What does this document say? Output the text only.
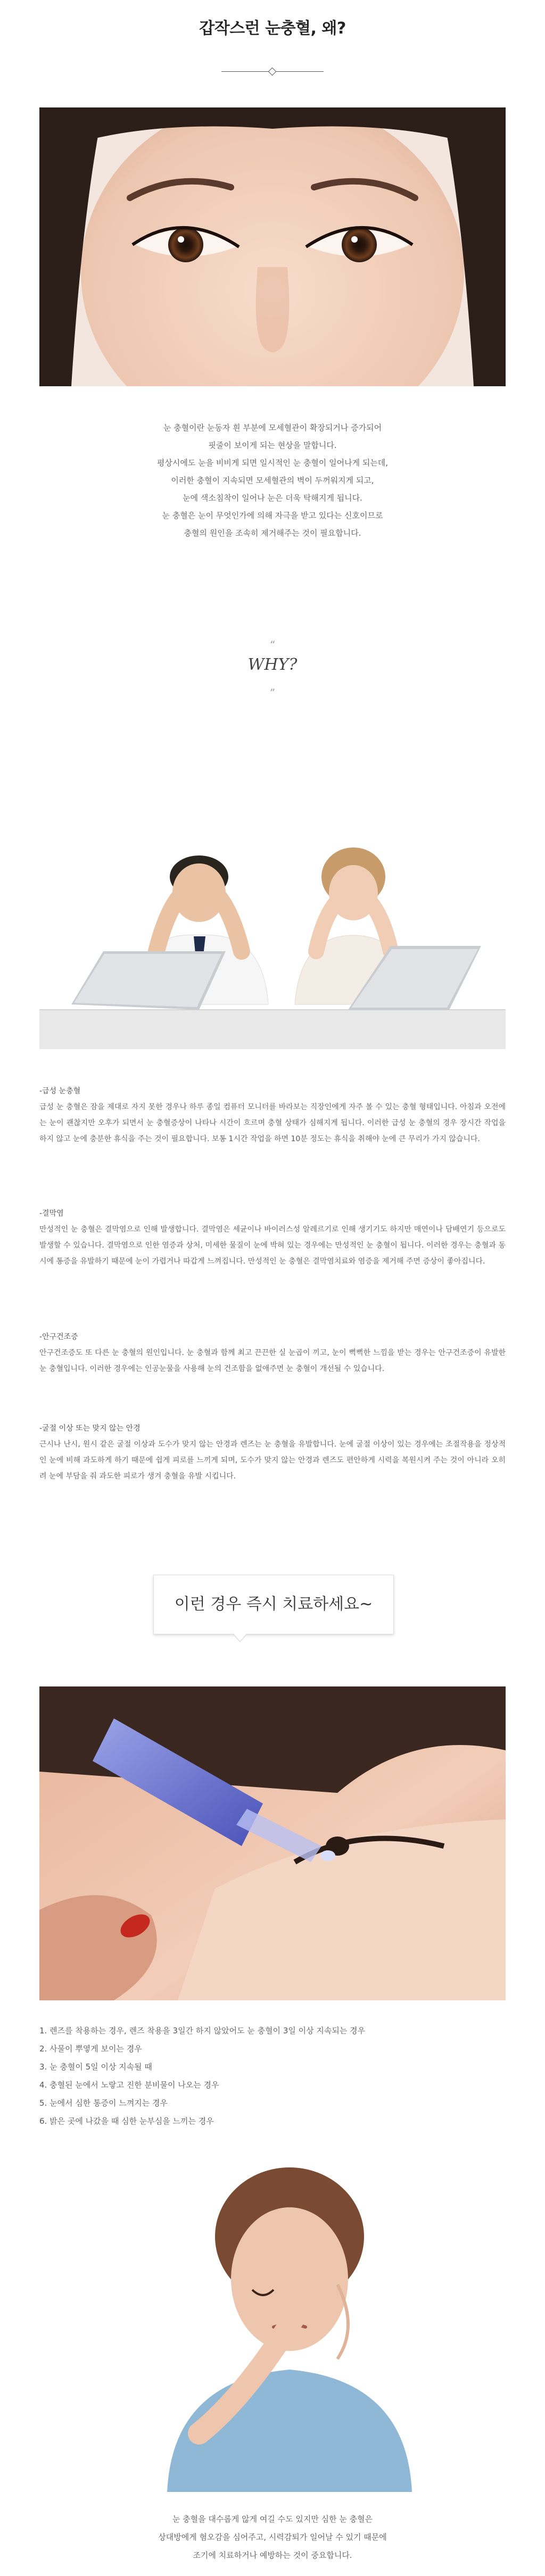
갑작스런 눈충혈, 왜?
눈 충혈이란 눈동자 흰 부분에 모세혈관이 확장되거나 증가되어
핏줄이 보이게 되는 현상을 말합니다.
평상시에도 눈을 비비게 되면 일시적인 눈 충혈이 일어나게 되는데,
이러한 충혈이 지속되면 모세혈관의 벽이 두꺼워지게 되고,
눈에 색소침착이 일어나 눈은 더욱 탁해지게 됩니다.
눈 충혈은 눈이 무엇인가에 의해 자극을 받고 있다는 신호이므로
충혈의 원인을 조속히 제거해주는 것이 필요합니다.
“
WHY?
”
-급성 눈충혈

급성 눈 충혈은 잠을 제대로 자지 못한 경우나 하루 종일 컴퓨터 모니터를 바라보는 직장인에게 자주 볼 수 있는 충혈 형태입니다. 아침과 오전에는 눈이 괜찮지만 오후가 되면서 눈 충혈증상이 나타나 시간이 흐르며 충혈 상태가 심해지게 됩니다. 이러한 급성 눈 충혈의 경우 장시간 작업을 하지 않고 눈에 충분한 휴식을 주는 것이 필요합니다. 보통 1시간 작업을 하면 10분 정도는 휴식을 취해야 눈에 큰 무리가 가지 않습니다.

-결막염

만성적인 눈 충혈은 결막염으로 인해 발생합니다. 결막염은 세균이나 바이러스성 알레르기로 인해 생기기도 하지만 매연이나 담배연기 등으로도 발생할 수 있습니다. 결막염으로 인한 염증과 상처, 미세한 물질이 눈에 박혀 있는 경우에는 만성적인 눈 충혈이 됩니다. 이러한 경우는 충혈과 동시에 통증을 유발하기 때문에 눈이 가렵거나 따갑게 느껴집니다. 만성적인 눈 충혈은 결막염치료와 염증을 제거해 주면 증상이 좋아집니다.

-안구건조증

안구건조증도 또 다른 눈 충혈의 원인입니다. 눈 충혈과 함께 최고 끈끈한 실 눈곱이 끼고, 눈이 뻑뻑한 느낌을 받는 경우는 안구건조증이 유발한 눈 충혈입니다. 이러한 경우에는 인공눈물을 사용해 눈의 건조함을 없애주면 눈 충혈이 개선될 수 있습니다.

-굴절 이상 또는 맞지 않는 안경

근시나 난시, 원시 같은 굴절 이상과 도수가 맞지 않는 안경과 렌즈는 눈 충혈을 유발합니다. 눈에 굴절 이상이 있는 경우에는 조절작용을 정상적인 눈에 비해 과도하게 하기 때문에 쉽게 피로를 느끼게 되며, 도수가 맞지 않는 안경과 렌즈도 편안하게 시력을 복원시켜 주는 것이 아니라 오히려 눈에 부담을 줘 과도한 피로가 생겨 충혈을 유발 시킵니다.

이런 경우 즉시 치료하세요~
1. 렌즈를 착용하는 경우, 렌즈 착용을 3일간 하지 않았어도 눈 충혈이 3일 이상 지속되는 경우
2. 사물이 뿌옇게 보이는 경우
3. 눈 충혈이 5일 이상 지속될 때
4. 충혈된 눈에서 노랗고 진한 분비물이 나오는 경우
5. 눈에서 심한 통증이 느껴지는 경우
6. 밝은 곳에 나갔을 때 심한 눈부심을 느끼는 경우
눈 충혈을 대수롭게 않게 여길 수도 있지만 심한 눈 충혈은
상대방에게 혐오감을 심어주고, 시력감퇴가 일어날 수 있기 때문에
조기에 치료하거나 예방하는 것이 중요합니다.
